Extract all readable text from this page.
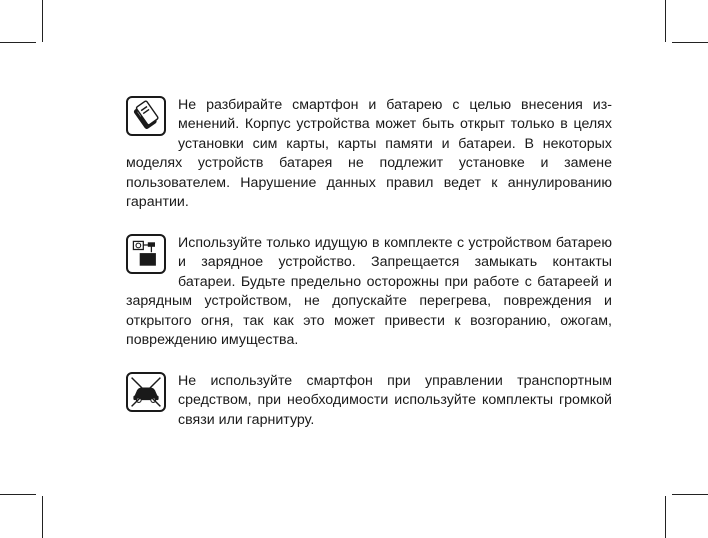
Не разбирайте смартфон и батарею с целью внесения изменений. Корпус устройства может быть открыт только в целях установки сим карты, карты памяти и батареи. В некоторых моделях устройств батарея не подлежит установке и замене пользователем. Нарушение данных правил ведет к аннулированию гарантии.

Используйте только идущую в комплекте с устройством батарею и зарядное устройство. Запрещается замыкать контакты батареи. Будьте предельно осторожны при работе с батареей и зарядным устройством, не допускайте перегрева, повреждения и открытого огня, так как это может привести к возгоранию, ожогам, повреждению имущества.

Не используйте смартфон при управлении транспортным средством, при необходимости используйте комплекты громкой связи или гарнитуру.
